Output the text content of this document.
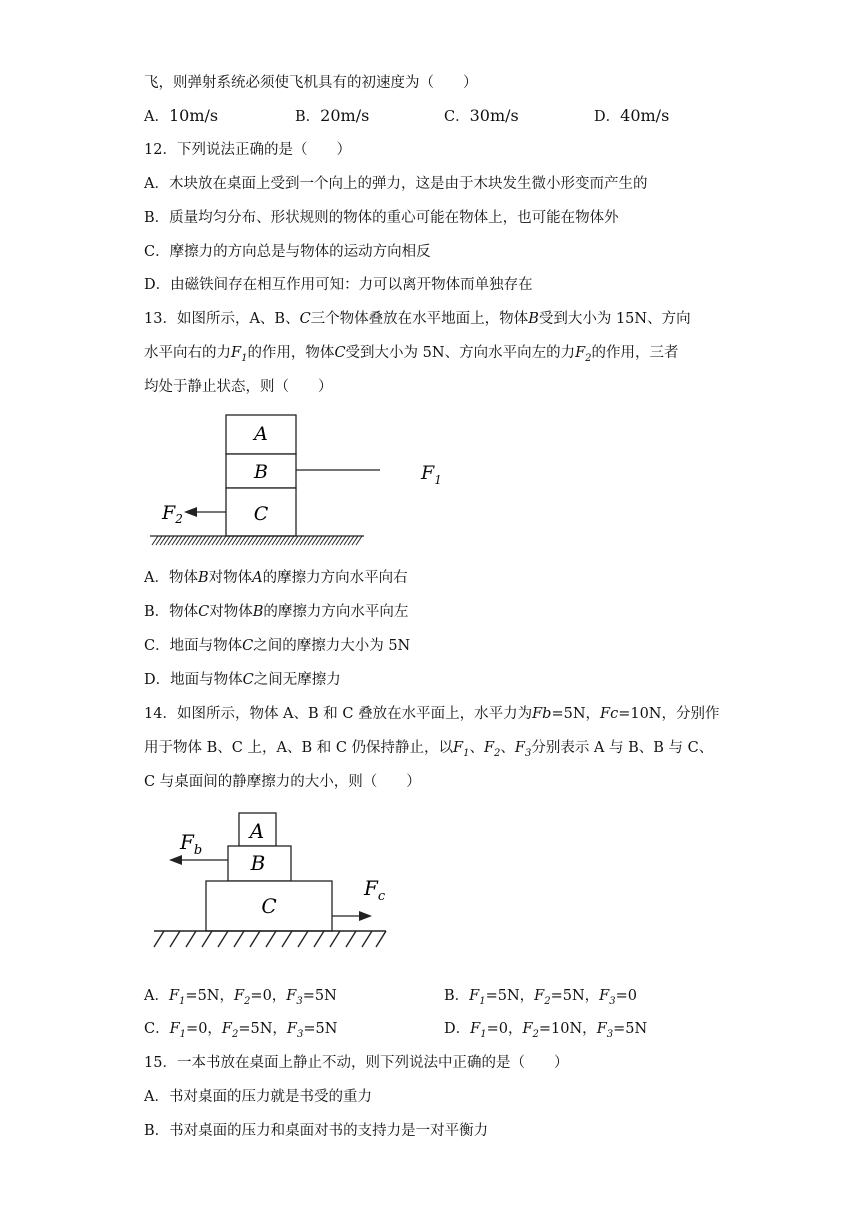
飞，则弹射系统必须使飞机具有的初速度为（　　）
A．10m/s	B．20m/s	C．30m/s	D．40m/s
12．下列说法正确的是（　　）
A．木块放在桌面上受到一个向上的弹力，这是由于木块发生微小形变而产生的
B．质量均匀分布、形状规则的物体的重心可能在物体上，也可能在物体外
C．摩擦力的方向总是与物体的运动方向相反
D．由磁铁间存在相互作用可知：力可以离开物体而单独存在
13．如图所示，A、B、C三个物体叠放在水平地面上，物体B受到大小为 15N、方向
水平向右的力$F_1$的作用，物体C受到大小为 5N、方向水平向左的力$F_2$的作用，三者
均处于静止状态，则（　　）
A
B
C
$F_2$
$F_1$
A．物体B对物体A的摩擦力方向水平向右
B．物体C对物体B的摩擦力方向水平向左
C．地面与物体C之间的摩擦力大小为 5N
D．地面与物体C之间无摩擦力
14．如图所示，物体 A、B 和 C 叠放在水平面上，水平力为Fb=5N，Fc=10N，分别作
用于物体 B、C 上，A、B 和 C 仍保持静止，以$F_1$、$F_2$、$F_3$分别表示 A 与 B、B 与 C、
C 与桌面间的静摩擦力的大小，则（　　）
A
B
C
$F_b$
$F_c$
A．$F_1=5N$，$F_2=0$，$F_3=5N$	B．$F_1=5N$，$F_2=5N$，$F_3=0$
C．$F_1=0$，$F_2=5N$，$F_3=5N$	D．$F_1=0$，$F_2=10N$，$F_3=5N$
15．一本书放在桌面上静止不动，则下列说法中正确的是（　　）
A．书对桌面的压力就是书受的重力
B．书对桌面的压力和桌面对书的支持力是一对平衡力
